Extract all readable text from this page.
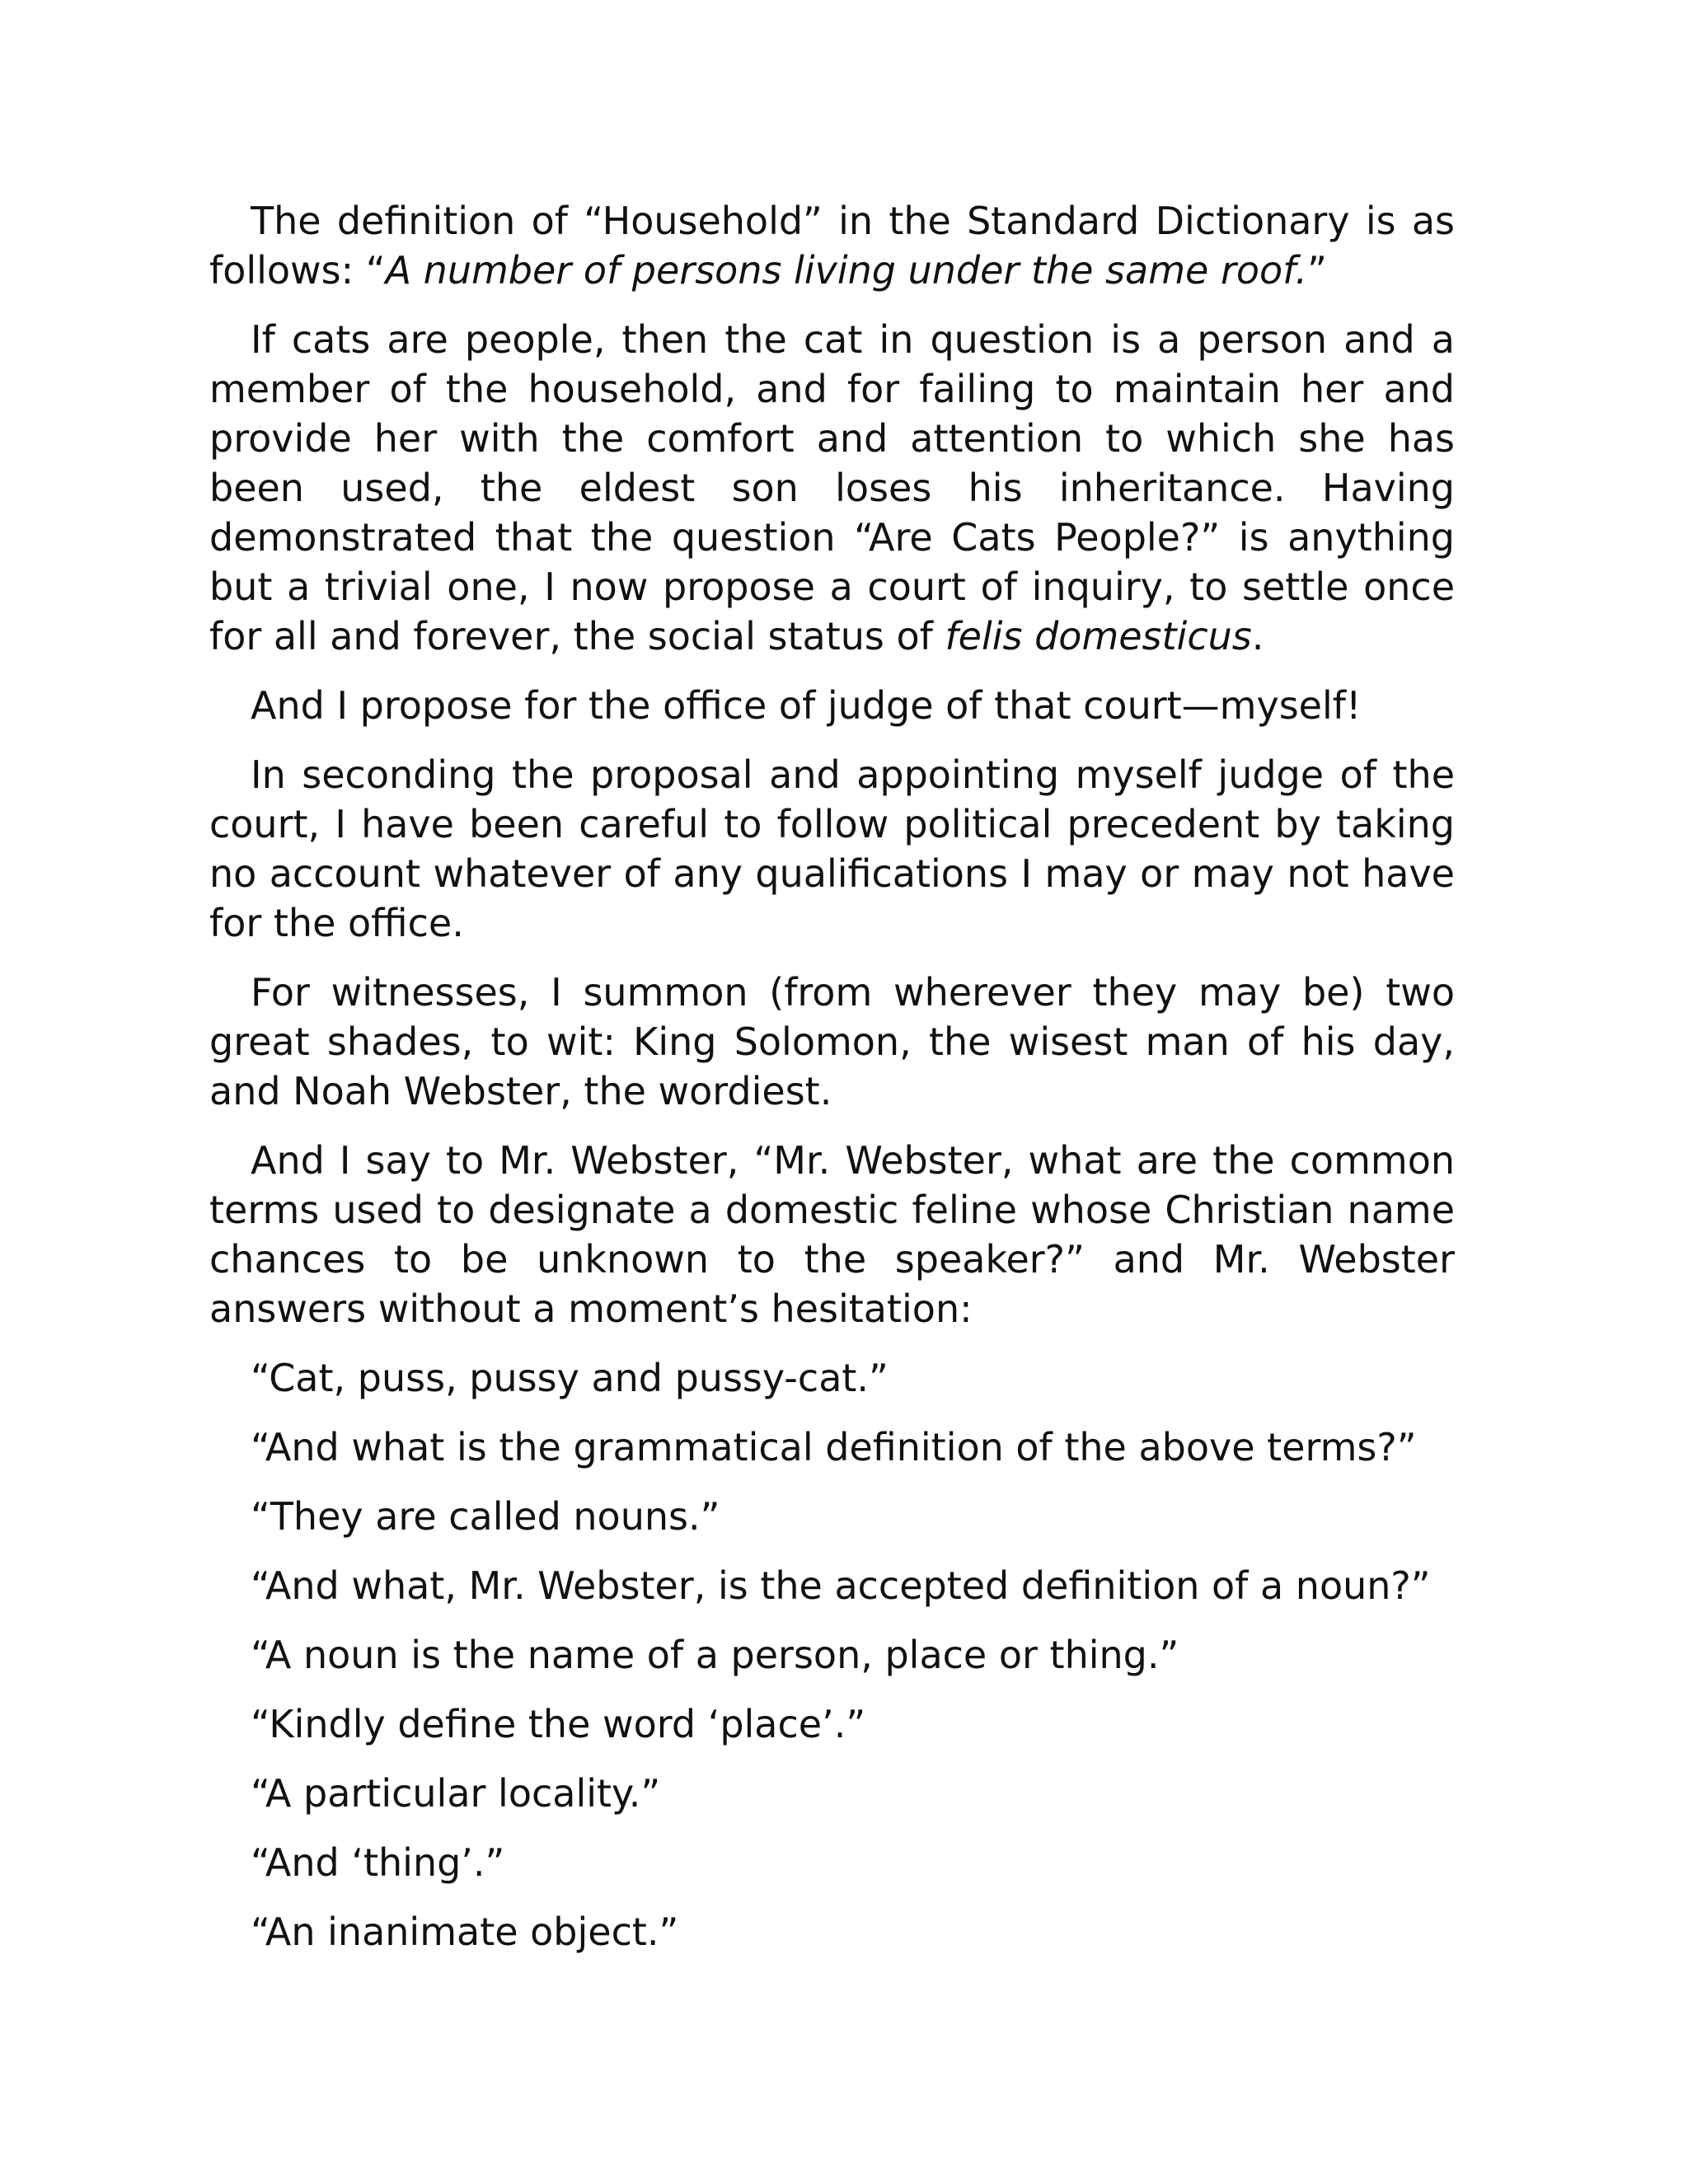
The definition of “Household” in the Standard Dictionary is as follows: “A number of persons living under the same roof.”

If cats are people, then the cat in question is a person and a member of the household, and for failing to maintain her and provide her with the comfort and attention to which she has been used, the eldest son loses his inheritance. Having demonstrated that the question “Are Cats People?” is anything but a trivial one, I now propose a court of inquiry, to settle once for all and forever, the social status of felis domesticus.

And I propose for the office of judge of that court—myself!

In seconding the proposal and appointing myself judge of the court, I have been careful to follow political precedent by taking no account whatever of any qualifications I may or may not have for the office.

For witnesses, I summon (from wherever they may be) two great shades, to wit: King Solomon, the wisest man of his day, and Noah Webster, the wordiest.

And I say to Mr. Webster, “Mr. Webster, what are the common terms used to designate a domestic feline whose Christian name chances to be unknown to the speaker?” and Mr. Webster answers without a moment’s hesitation:

“Cat, puss, pussy and pussy-cat.”

“And what is the grammatical definition of the above terms?”

“They are called nouns.”

“And what, Mr. Webster, is the accepted definition of a noun?”

“A noun is the name of a person, place or thing.”

“Kindly define the word ‘place’.”

“A particular locality.”

“And ‘thing’.”

“An inanimate object.”
